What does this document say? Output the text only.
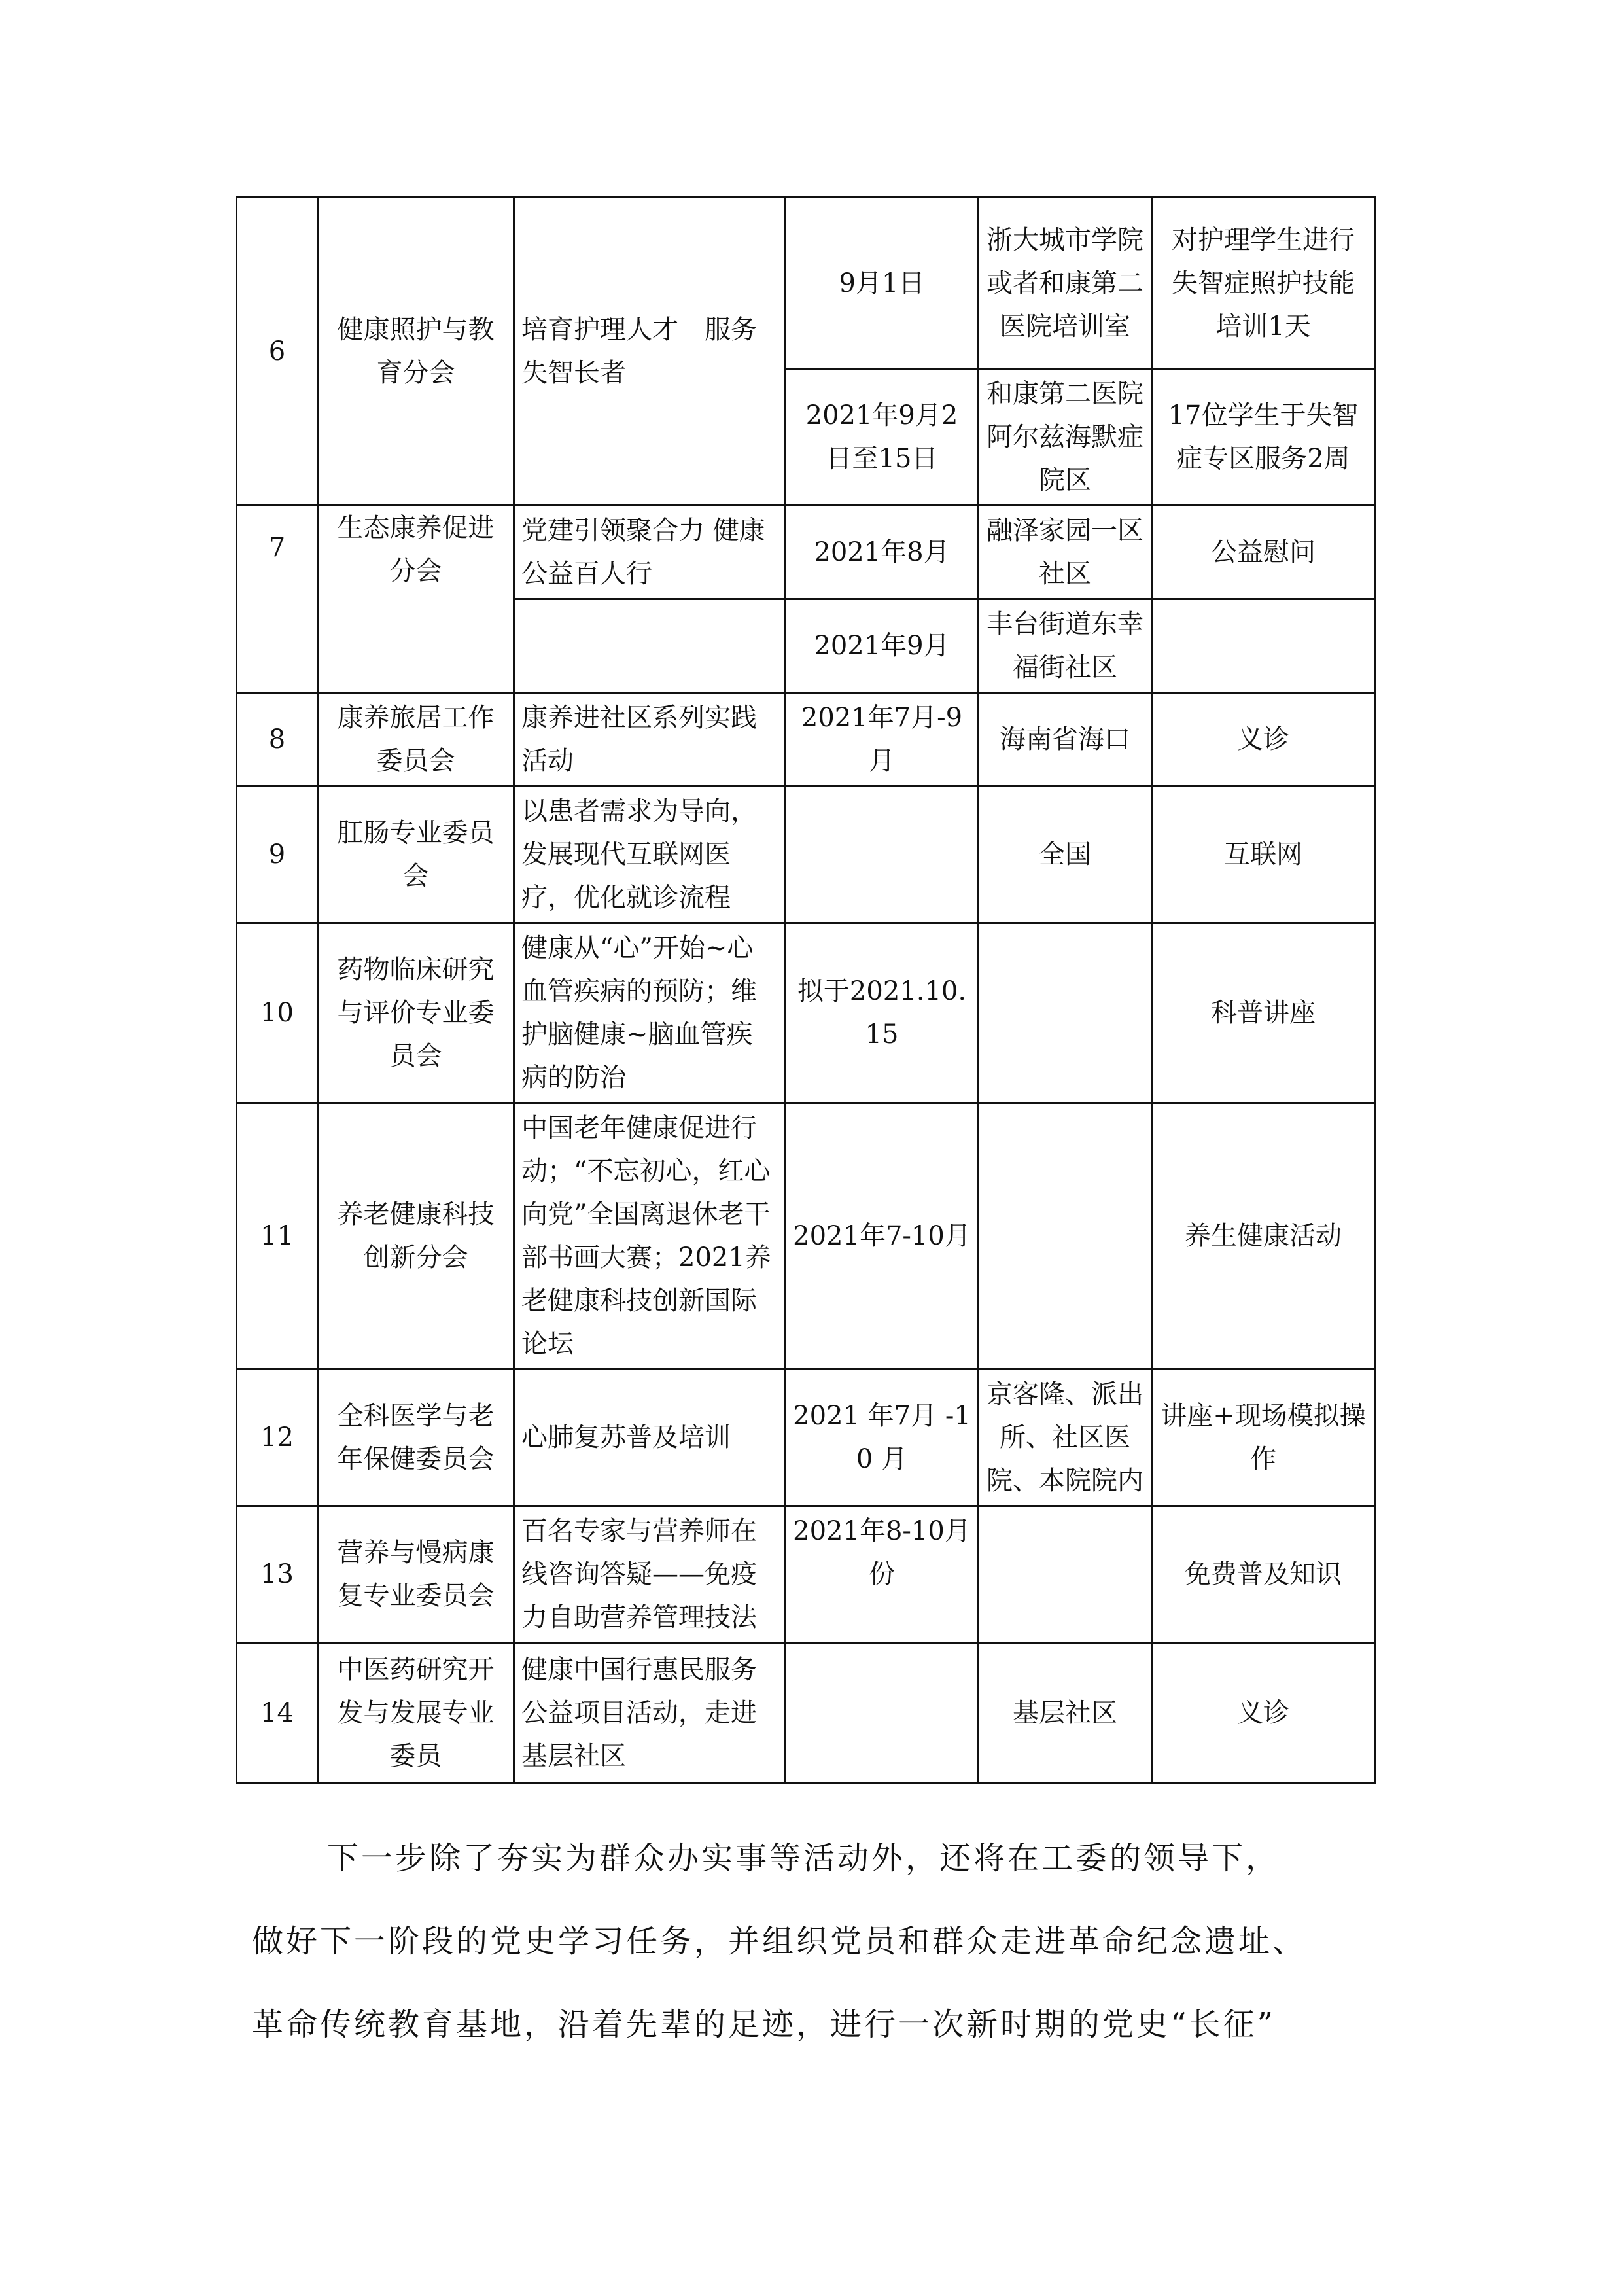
6	健康照护与教育分会	培育护理人才　服务失智长者	9月1日	浙大城市学院或者和康第二医院培训室	对护理学生进行失智症照护技能培训1天
			2021年9月2日至15日	和康第二医院阿尔兹海默症院区	17位学生于失智症专区服务2周
7	生态康养促进分会	党建引领聚合力 健康公益百人行	2021年8月	融泽家园一区社区	公益慰问
			2021年9月	丰台街道东幸福街社区	
8	康养旅居工作委员会	康养进社区系列实践活动	2021年7月-9月	海南省海口	义诊
9	肛肠专业委员会	以患者需求为导向，发展现代互联网医疗，优化就诊流程		全国	互联网
10	药物临床研究与评价专业委员会	健康从“心”开始~心血管疾病的预防；维护脑健康~脑血管疾病的防治	拟于2021.10.15		科普讲座
11	养老健康科技创新分会	中国老年健康促进行动；“不忘初心，红心向党”全国离退休老干部书画大赛；2021养老健康科技创新国际论坛	2021年7-10月		养生健康活动
12	全科医学与老年保健委员会	心肺复苏普及培训	2021 年7月 -10 月	京客隆、派出所、社区医院、本院院内	讲座+现场模拟操作
13	营养与慢病康复专业委员会	百名专家与营养师在线咨询答疑——免疫力自助营养管理技法	2021年8-10月份		免费普及知识
14	中医药研究开发与发展专业委员	健康中国行惠民服务公益项目活动，走进基层社区		基层社区	义诊
下一步除了夯实为群众办实事等活动外，还将在工委的领导下，
做好下一阶段的党史学习任务，并组织党员和群众走进革命纪念遗址、
革命传统教育基地，沿着先辈的足迹，进行一次新时期的党史“长征”
